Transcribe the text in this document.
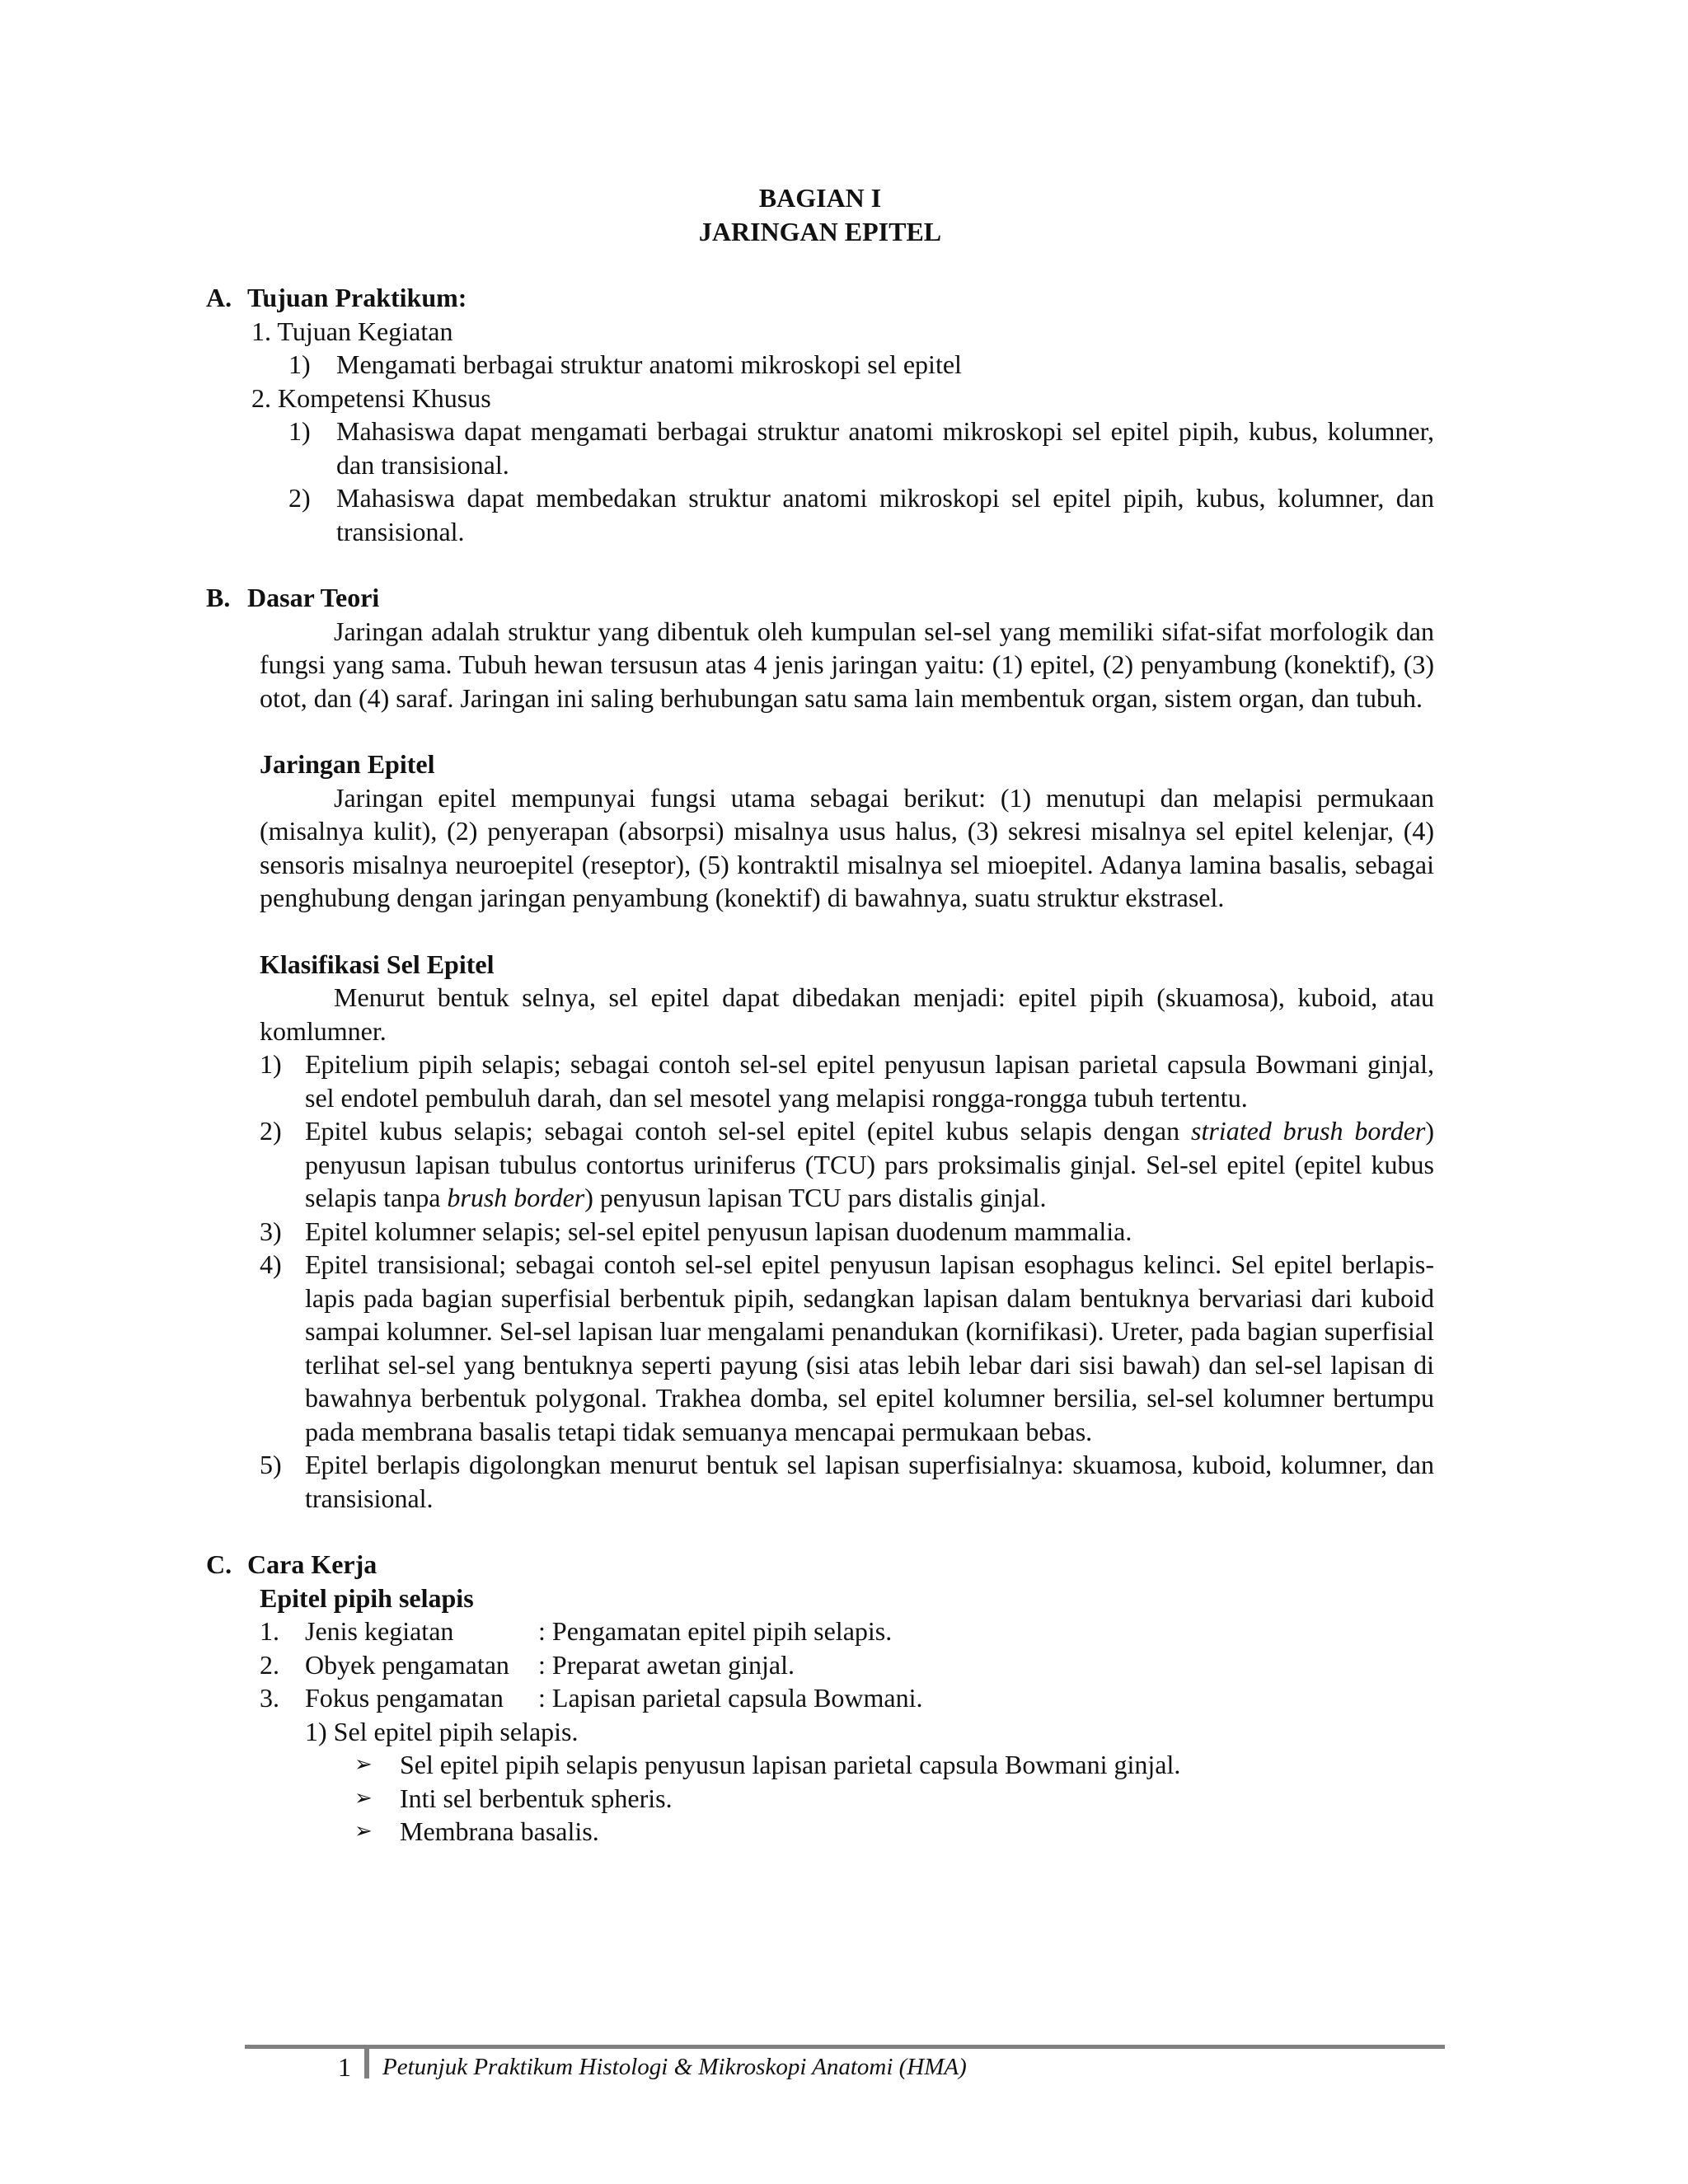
BAGIAN I
JARINGAN EPITEL
A. Tujuan Praktikum:
1. Tujuan Kegiatan
1) Mengamati berbagai struktur anatomi mikroskopi sel epitel
2. Kompetensi Khusus
1) Mahasiswa dapat mengamati berbagai struktur anatomi mikroskopi sel epitel pipih, kubus, kolumner, dan transisional.
2) Mahasiswa dapat membedakan struktur anatomi mikroskopi sel epitel pipih, kubus, kolumner, dan transisional.
B. Dasar Teori
Jaringan adalah struktur yang dibentuk oleh kumpulan sel-sel yang memiliki sifat-sifat morfologik dan fungsi yang sama. Tubuh hewan tersusun atas 4 jenis jaringan yaitu: (1) epitel, (2) penyambung (konektif), (3) otot, dan (4) saraf. Jaringan ini saling berhubungan satu sama lain membentuk organ, sistem organ, dan tubuh.
Jaringan Epitel
Jaringan epitel mempunyai fungsi utama sebagai berikut: (1) menutupi dan melapisi permukaan (misalnya kulit), (2) penyerapan (absorpsi) misalnya usus halus, (3) sekresi misalnya sel epitel kelenjar, (4) sensoris misalnya neuroepitel (reseptor), (5) kontraktil misalnya sel mioepitel. Adanya lamina basalis, sebagai penghubung dengan jaringan penyambung (konektif) di bawahnya, suatu struktur ekstrasel.
Klasifikasi Sel Epitel
Menurut bentuk selnya, sel epitel dapat dibedakan menjadi: epitel pipih (skuamosa), kuboid, atau komlumner.
1) Epitelium pipih selapis; sebagai contoh sel-sel epitel penyusun lapisan parietal capsula Bowmani ginjal, sel endotel pembuluh darah, dan sel mesotel yang melapisi rongga-rongga tubuh tertentu.
2) Epitel kubus selapis; sebagai contoh sel-sel epitel (epitel kubus selapis dengan striated brush border) penyusun lapisan tubulus contortus uriniferus (TCU) pars proksimalis ginjal. Sel-sel epitel (epitel kubus selapis tanpa brush border) penyusun lapisan TCU pars distalis ginjal.
3) Epitel kolumner selapis; sel-sel epitel penyusun lapisan duodenum mammalia.
4) Epitel transisional; sebagai contoh sel-sel epitel penyusun lapisan esophagus kelinci. Sel epitel berlapis-lapis pada bagian superfisial berbentuk pipih, sedangkan lapisan dalam bentuknya bervariasi dari kuboid sampai kolumner. Sel-sel lapisan luar mengalami penandukan (kornifikasi). Ureter, pada bagian superfisial terlihat sel-sel yang bentuknya seperti payung (sisi atas lebih lebar dari sisi bawah) dan sel-sel lapisan di bawahnya berbentuk polygonal. Trakhea domba, sel epitel kolumner bersilia, sel-sel kolumner bertumpu pada membrana basalis tetapi tidak semuanya mencapai permukaan bebas.
5) Epitel berlapis digolongkan menurut bentuk sel lapisan superfisialnya: skuamosa, kuboid, kolumner, dan transisional.
C. Cara Kerja
Epitel pipih selapis
1. Jenis kegiatan	: Pengamatan epitel pipih selapis.
2. Obyek pengamatan	: Preparat awetan ginjal.
3. Fokus pengamatan	: Lapisan parietal capsula Bowmani.
1) Sel epitel pipih selapis.
➢	Sel epitel pipih selapis penyusun lapisan parietal capsula Bowmani ginjal.
➢	Inti sel berbentuk spheris.
➢	Membrana basalis.
1 Petunjuk Praktikum Histologi & Mikroskopi Anatomi (HMA)
